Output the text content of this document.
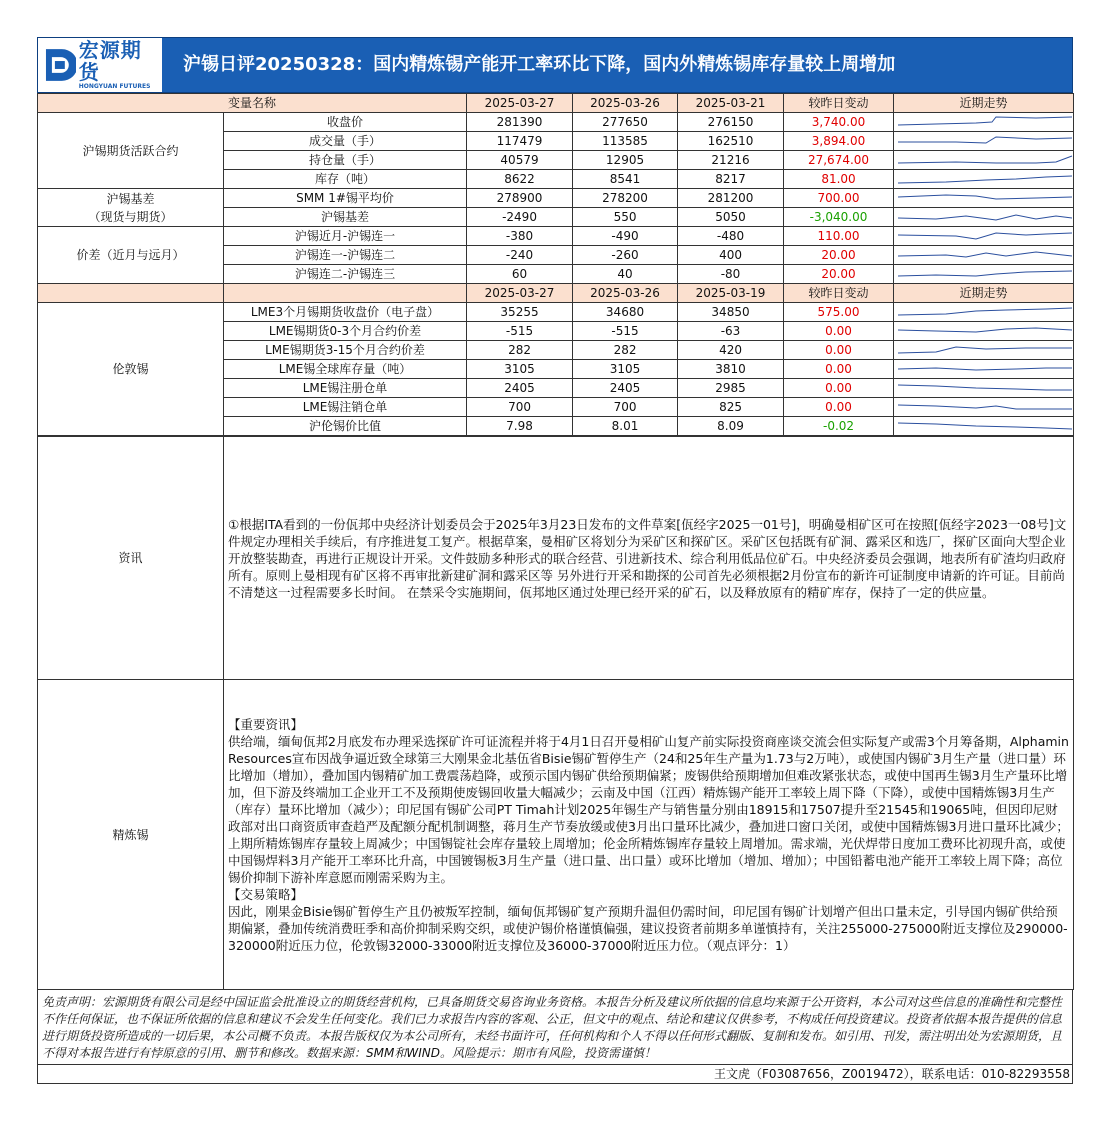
宏源期货
HONGYUAN FUTURES
沪锡日评20250328：国内精炼锡产能开工率环比下降，国内外精炼锡库存量较上周增加
变量名称		2025-03-27	2025-03-26	2025-03-21	较昨日变动	近期走势
沪锡期货活跃合约	收盘价	281390	277650	276150	3,740.00	

	成交量（手）	117479	113585	162510	3,894.00	

	持仓量（手）	40579	12905	21216	27,674.00	

	库存（吨）	8622	8541	8217	81.00	

沪锡基差
（现货与期货）	SMM 1#锡平均价	278900	278200	281200	700.00	

	沪锡基差	-2490	550	5050	-3,040.00	

价差（近月与远月）	沪锡近月-沪锡连一	-380	-490	-480	110.00	

	沪锡连一-沪锡连二	-240	-260	400	20.00	

	沪锡连二-沪锡连三	60	40	-80	20.00	

		2025-03-27	2025-03-26	2025-03-19	较昨日变动	近期走势
伦敦锡	LME3个月锡期货收盘价（电子盘）	35255	34680	34850	575.00	

	LME锡期货0-3个月合约价差	-515	-515	-63	0.00	

	LME锡期货3-15个月合约价差	282	282	420	0.00	

	LME锡全球库存量（吨）	3105	3105	3810	0.00	

	LME锡注册仓单	2405	2405	2985	0.00	

	LME锡注销仓单	700	700	825	0.00	

	沪伦锡价比值	7.98	8.01	8.09	-0.02	
资讯	①根据ITA看到的一份佤邦中央经济计划委员会于2025年3月23日发布的文件草案[佤经字2025一01号]，明确曼相矿区可在按照[佤经字2023一08号]文件规定办理相关手续后，有序推进复工复产。根据草案，曼相矿区将划分为采矿区和探矿区。采矿区包括既有矿洞、露采区和选厂，探矿区面向大型企业开放整装勘查，再进行正规设计开采。文件鼓励多种形式的联合经营、引进新技术、综合利用低品位矿石。中央经济委员会强调，地表所有矿渣均归政府所有。原则上曼相现有矿区将不再审批新建矿洞和露采区等 另外进行开采和勘探的公司首先必须根据2月份宣布的新许可证制度申请新的许可证。目前尚不清楚这一过程需要多长时间。 在禁采令实施期间，佤邦地区通过处理已经开采的矿石，以及释放原有的精矿库存，保持了一定的供应量。

精炼锡	【重要资讯】

供给端，缅甸佤邦2月底发布办理采选探矿许可证流程并将于4月1日召开曼相矿山复产前实际投资商座谈交流会但实际复产或需3个月筹备期，Alphamin Resources宣布因战争逼近致全球第三大刚果金北基伍省Bisie锡矿暂停生产（24和25年生产量为1.73与2万吨），或使国内锡矿3月生产量（进口量）环比增加（增加），叠加国内锡精矿加工费震荡趋降，或预示国内锡矿供给预期偏紧；废锡供给预期增加但难改紧张状态，或使中国再生锡3月生产量环比增加，但下游及终端加工企业开工不及预期使废锡回收量大幅减少；云南及中国（江西）精炼锡产能开工率较上周下降（下降），或使中国精炼锡3月生产（库存）量环比增加（减少）；印尼国有锡矿公司PT Timah计划2025年锡生产与销售量分别由18915和17507提升至21545和19065吨，但因印尼财政部对出口商资质审查趋严及配额分配机制调整，蒋月生产节奏放缓或使3月出口量环比减少，叠加进口窗口关闭，或使中国精炼锡3月进口量环比减少；上期所精炼锡库存量较上周减少；中国锡锭社会库存量较上周增加；伦金所精炼锡库存量较上周增加。需求端，光伏焊带日度加工费环比初现升高，或使中国锡焊料3月产能开工率环比升高，中国镀锡板3月生产量（进口量、出口量）或环比增加（增加、增加）；中国铅蓄电池产能开工率较上周下降；高位锡价抑制下游补库意愿而刚需采购为主。

【交易策略】

因此，刚果金Bisie锡矿暂停生产且仍被叛军控制，缅甸佤邦锡矿复产预期升温但仍需时间，印尼国有锡矿计划增产但出口量未定，引导国内锡矿供给预期偏紧，叠加传统消费旺季和高价抑制采购交织，或使沪锡价格谨慎偏强，建议投资者前期多单谨慎持有，关注255000-275000附近支撑位及290000-320000附近压力位，伦敦锡32000-33000附近支撑位及36000-37000附近压力位。（观点评分：1）

免责声明：宏源期货有限公司是经中国证监会批准设立的期货经营机构，已具备期货交易咨询业务资格。本报告分析及建议所依据的信息均来源于公开资料，本公司对这些信息的准确性和完整性不作任何保证，也不保证所依据的信息和建议不会发生任何变化。我们已力求报告内容的客观、公正，但文中的观点、结论和建议仅供参考，不构成任何投资建议。投资者依据本报告提供的信息进行期货投资所造成的一切后果，本公司概不负责。本报告版权仅为本公司所有，未经书面许可，任何机构和个人不得以任何形式翻版、复制和发布。如引用、刊发，需注明出处为宏源期货，且不得对本报告进行有悖原意的引用、删节和修改。数据来源：SMM和WIND。风险提示：期市有风险，投资需谨慎！
王文虎（F03087656，Z0019472），联系电话：010-82293558
